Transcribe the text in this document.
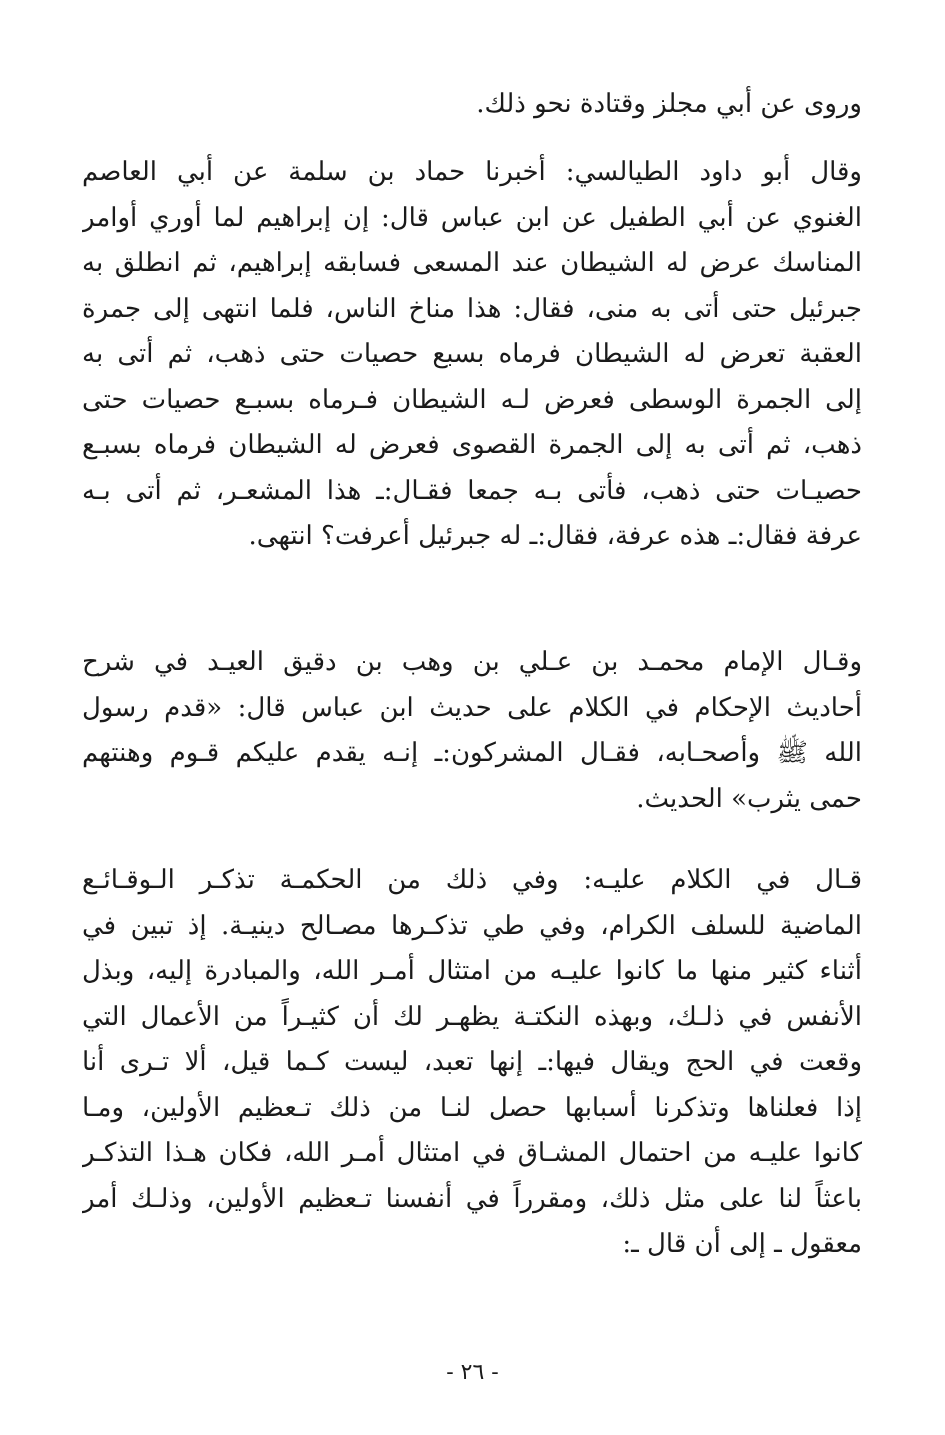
وروى عن أبي مجلز وقتادة نحو ذلك.
وقال أبو داود الطيالسي: أخبرنا حماد بن سلمة عن أبي العاصم
الغنوي عن أبي الطفيل عن ابن عباس قال: إن إبراهيم لما أوري أوامر
المناسك عرض له الشيطان عند المسعى فسابقه إبراهيم، ثم انطلق به
جبرئيل حتى أتى به منى، فقال: هذا مناخ الناس، فلما انتهى إلى جمرة
العقبة تعرض له الشيطان فرماه بسبع حصيات حتى ذهب، ثم أتى به
إلى الجمرة الوسطى فعرض لـه الشيطان فـرماه بسبـع حصيات حتى
ذهب، ثم أتى به إلى الجمرة القصوى فعرض له الشيطان فرماه بسبـع
حصيـات حتى ذهب، فأتى بـه جمعا فقـال:ـ هذا المشعـر، ثم أتى بـه
عرفة فقال:ـ هذه عرفة، فقال:ـ له جبرئيل أعرفت؟ انتهى.
وقـال الإمام محمـد بن عـلي بن وهب بن دقيق العيـد في شرح
أحاديث الإحكام في الكلام على حديث ابن عباس قال: «قدم رسول
الله ﷺ وأصحـابه، فقـال المشركون:ـ إنـه يقدم عليكم قـوم وهنتهم
حمى يثرب» الحديث.
قـال في الكلام عليـه: وفي ذلك من الحكمـة تذكـر الـوقـائـع
الماضية للسلف الكرام، وفي طي تذكـرها مصـالح دينيـة. إذ تبين في
أثناء كثير منها ما كانوا عليـه من امتثال أمـر الله، والمبادرة إليه، وبذل
الأنفس في ذلـك، وبهذه النكتـة يظهـر لك أن كثيـراً من الأعمال التي
وقعت في الحج ويقال فيها:ـ إنها تعبد، ليست كـما قيل، ألا تـرى أنا
إذا فعلناها وتذكرنا أسبابها حصل لنـا من ذلك تـعظيم الأولين، ومـا
كانوا عليـه من احتمال المشـاق في امتثال أمـر الله، فكان هـذا التذكـر
باعثاً لنا على مثل ذلك، ومقرراً في أنفسنا تـعظيم الأولين، وذلـك أمر
معقول ـ إلى أن قال ـ:
- ٢٦ -
